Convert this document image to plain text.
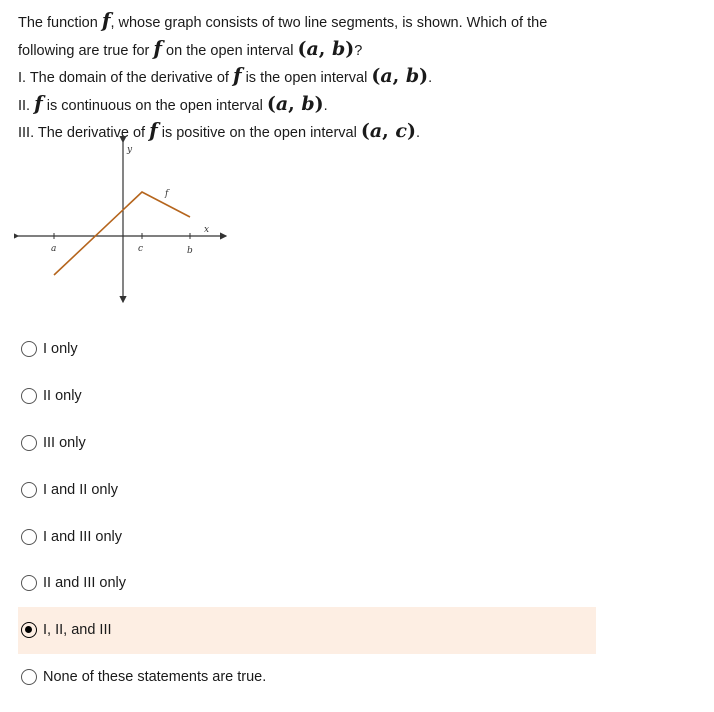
The function f, whose graph consists of two line segments, is shown. Which of the
following are true for f on the open interval (a, b)?
I. The domain of the derivative of f is the open interval (a, b).
II. f is continuous on the open interval (a, b).
III. The derivative of f is positive on the open interval (a, c).
y
x
f
a	c	b
I only
II only
III only
I and II only
I and III only
II and III only
I, II, and III
None of these statements are true.
